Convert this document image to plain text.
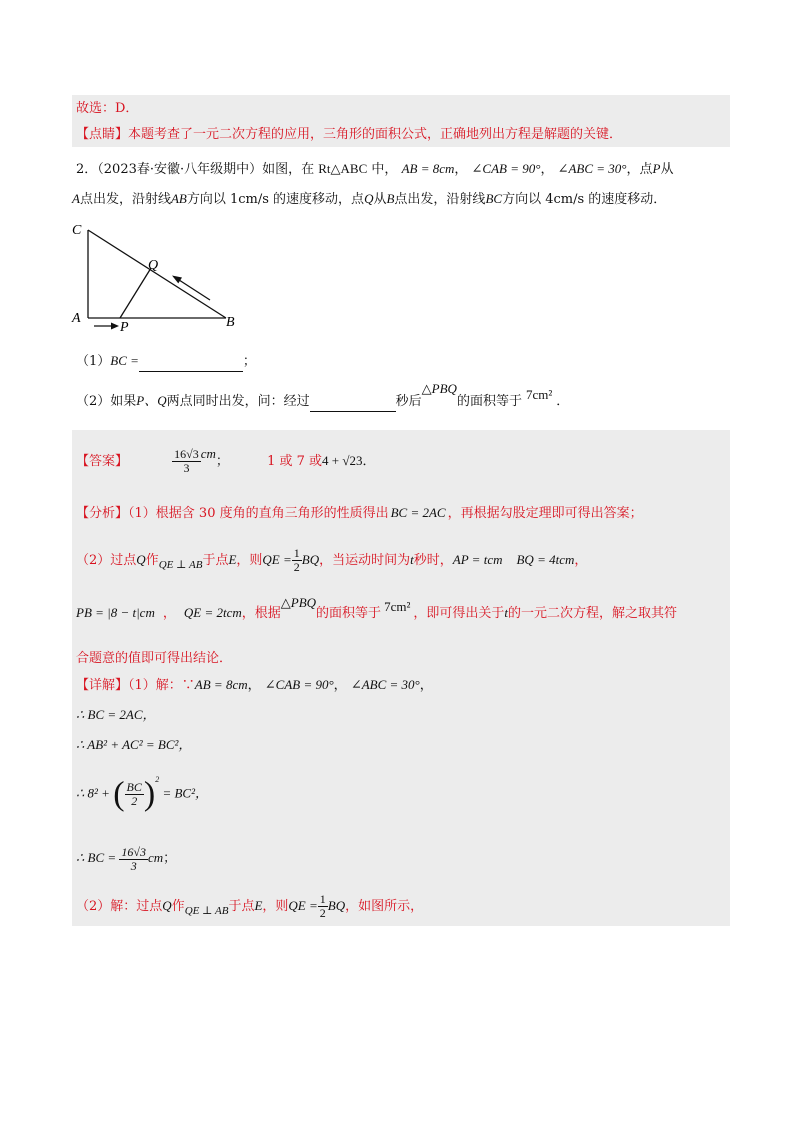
故选：D．
【点睛】本题考查了一元二次方程的应用，三角形的面积公式，正确地列出方程是解题的关键．
2．（2023春·安徽·八年级期中）如图，在 Rt△ABC 中， AB = 8cm， ∠CAB = 90°， ∠ABC = 30°，点P从
A点出发，沿射线AB方向以 1cm/s 的速度移动，点Q从B点出发，沿射线BC方向以 4cm/s 的速度移动．
C
Q
A
P	B
（1）BC =	；
（2）如果P、Q两点同时出发，问：经过	秒后△PBQ的面积等于 7cm² ．
【答案】	$\frac{16√3}{3}$ cm；	1 或 7 或4 + √23．
【分析】（1）根据含 30 度角的直角三角形的性质得出 BC = 2AC ，再根据勾股定理即可得出答案；
（2）过点Q作$_{QE \perp AB}$于点E，则QE = $\frac{1}{2}$ BQ，当运动时间为t秒时，AP = tcm BQ = 4tcm，
PB = |8 − t|cm ， QE = 2tcm，根据△PBQ的面积等于 7cm² ，即可得出关于t的一元二次方程，解之取其符
合题意的值即可得出结论．
【详解】（1）解：∵AB = 8cm， ∠CAB = 90°， ∠ABC = 30°，
∴ BC = 2AC，
∴ AB² + AC² = BC²，
∴ 8² + ( $\frac{BC}{2} )^2 = BC^2$，
∴ BC = $\frac{16√3}{3}$ cm；
（2）解：过点Q作$_{QE \perp AB}$于点E，则QE = $\frac{1}{2}$ BQ，如图所示，
